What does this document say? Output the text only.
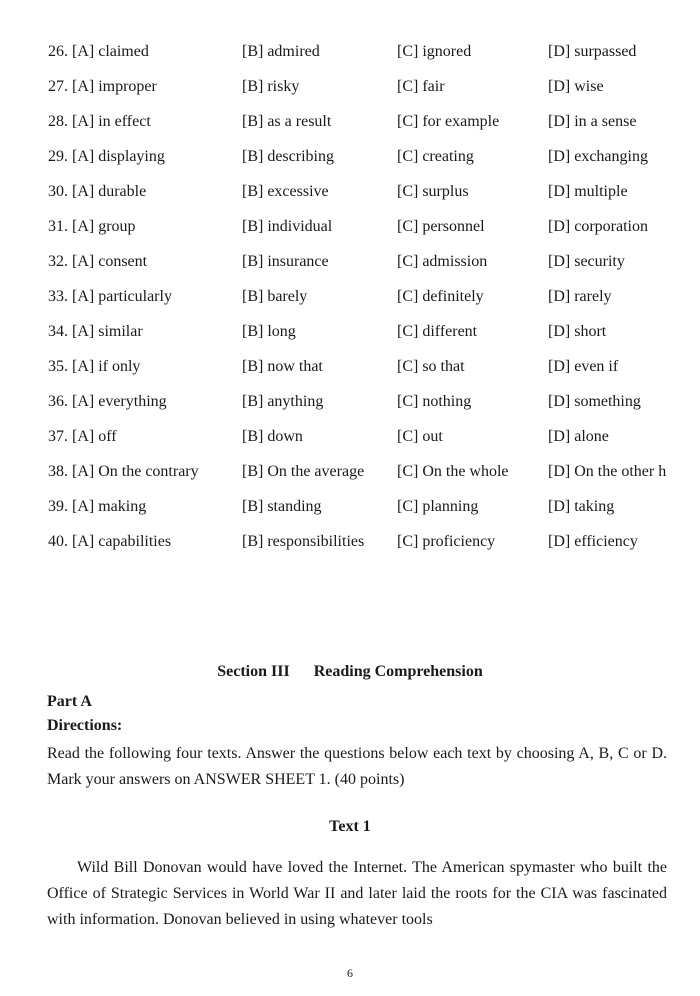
26. [A] claimed	[B] admired	[C] ignored	[D] surpassed
27. [A] improper	[B] risky	[C] fair	[D] wise
28. [A] in effect	[B] as a result	[C] for example	[D] in a sense
29. [A] displaying	[B] describing	[C] creating	[D] exchanging
30. [A] durable	[B] excessive	[C] surplus	[D] multiple
31. [A] group	[B] individual	[C] personnel	[D] corporation
32. [A] consent	[B] insurance	[C] admission	[D] security
33. [A] particularly	[B] barely	[C] definitely	[D] rarely
34. [A] similar	[B] long	[C] different	[D] short
35. [A] if only	[B] now that	[C] so that	[D] even if
36. [A] everything	[B] anything	[C] nothing	[D] something
37. [A] off	[B] down	[C] out	[D] alone
38. [A] On the contrary	[B] On the average [C] On the whole [D] On the other h
39. [A] making	[B] standing	[C] planning	[D] taking
40. [A] capabilities	[B] responsibilities [C] proficiency	[D] efficiency
Section III Reading Comprehension
Part A
Directions:

Read the following four texts. Answer the questions below each text by choosing A, B, C or D. Mark your answers on ANSWER SHEET 1. (40 points)

Text 1

Wild Bill Donovan would have loved the Internet. The American spymaster who built the Office of Strategic Services in World War II and later laid the roots for the CIA was fascinated with information. Donovan believed in using whatever tools

6
